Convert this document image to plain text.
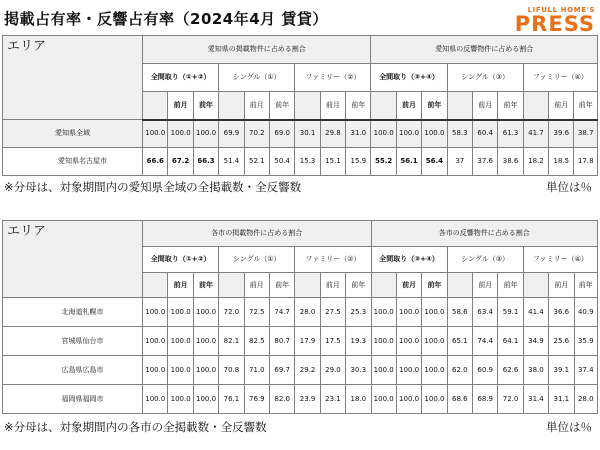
掲載占有率・反響占有率（2024年4月 賃貸）	LIFULL HOME'S
PRESS
エリア	愛知県の掲載物件に占める割合									愛知県の反響物件に占める割合								
	全間取り（①+②）			シングル（①）			ファミリー（②）			全間取り（③+④）			シングル（③）			ファミリー（④）		
		前月	前年		前月	前年		前月	前年		前月	前年		前月	前年		前月	前年
愛知県全域	100.0	100.0	100.0	69.9	70.2	69.0	30.1	29.8	31.0	100.0	100.0	100.0	58.3	60.4	61.3	41.7	39.6	38.7
愛知県名古屋市	66.6	67.2	66.3	51.4	52.1	50.4	15.3	15.1	15.9	55.2	56.1	56.4	37	37.6	38.6	18.2	18.5	17.8
※分母は、対象期間内の愛知県全域の全掲載数・全反響数	単位は％
エリア	各市の掲載物件に占める割合									各市の反響物件に占める割合								
	全間取り（①+②）			シングル（①）			ファミリー（②）			全間取り（③+④）			シングル（③）			ファミリー（④）		
		前月	前年		前月	前年		前月	前年		前月	前年		前月	前年		前月	前年
北海道札幌市	100.0	100.0	100.0	72.0	72.5	74.7	28.0	27.5	25.3	100.0	100.0	100.0	58.6	63.4	59.1	41.4	36.6	40.9
宮城県仙台市	100.0	100.0	100.0	82.1	82.5	80.7	17.9	17.5	19.3	100.0	100.0	100.0	65.1	74.4	64.1	34.9	25.6	35.9
広島県広島市	100.0	100.0	100.0	70.8	71.0	69.7	29.2	29.0	30.3	100.0	100.0	100.0	62.0	60.9	62.6	38.0	39.1	37.4
福岡県福岡市	100.0	100.0	100.0	76.1	76.9	82.0	23.9	23.1	18.0	100.0	100.0	100.0	68.6	68.9	72.0	31.4	31.1	28.0
※分母は、対象期間内の各市の全掲載数・全反響数	単位は％
